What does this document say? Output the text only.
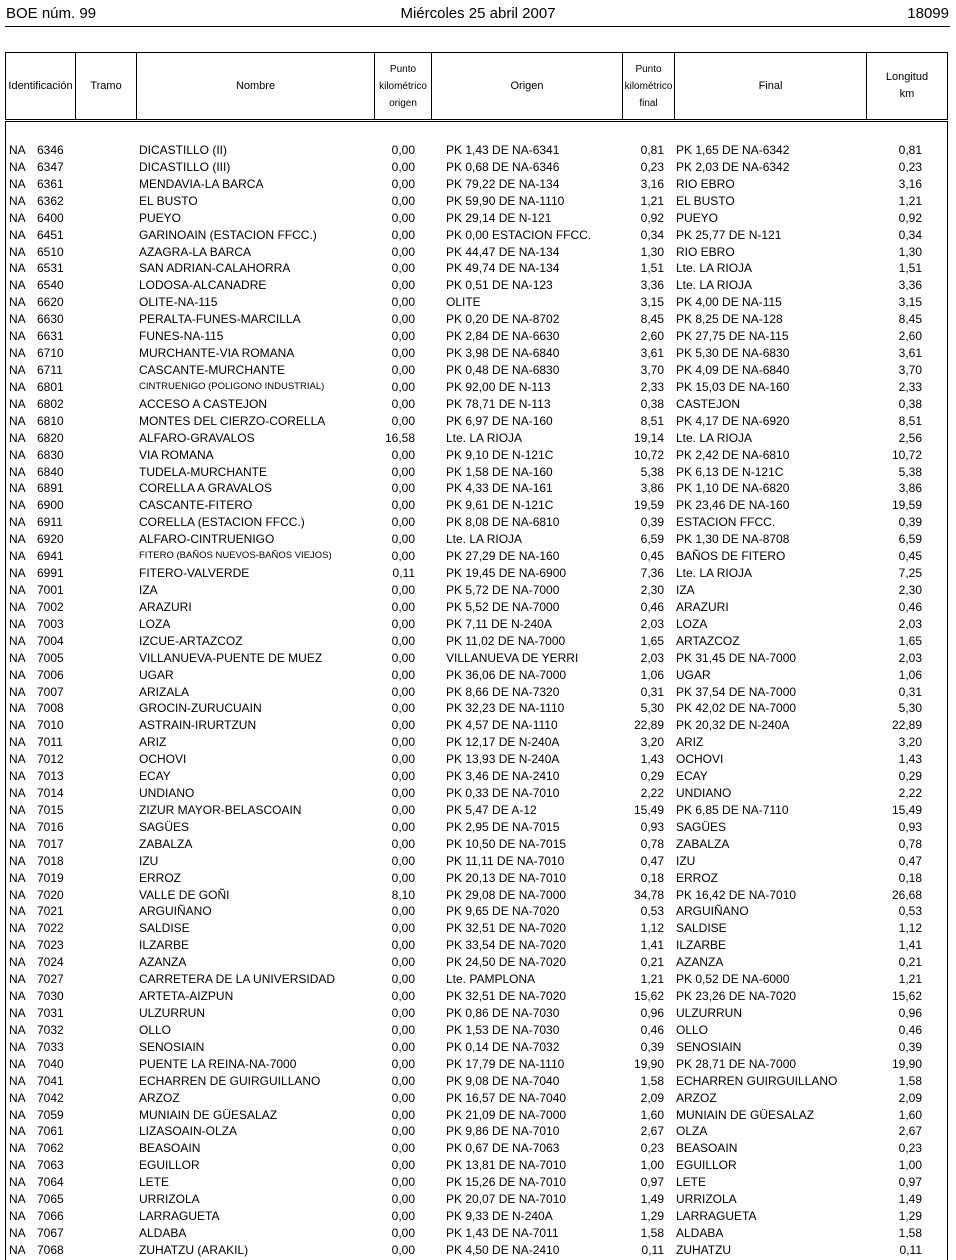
BOE núm. 99	Miércoles 25 abril 2007	18099
Identificación Tramo	Nombre
Punto
kilométrico
origen
Origen
Punto
kilométrico
final
Final
Longitud
km
NA 6346	DICASTILLO (II)	0,00	PK 1,43 DE NA-6341	0,81 PK 1,65 DE NA-6342	0,81
NA 6347	DICASTILLO (III)	0,00	PK 0,68 DE NA-6346	0,23 PK 2,03 DE NA-6342	0,23
NA 6361	MENDAVIA-LA BARCA	0,00	PK 79,22 DE NA-134	3,16 RIO EBRO	3,16
NA 6362	EL BUSTO	0,00	PK 59,90 DE NA-1110	1,21 EL BUSTO	1,21
NA 6400	PUEYO	0,00	PK 29,14 DE N-121	0,92 PUEYO	0,92
NA 6451	GARINOAIN (ESTACION FFCC.)	0,00	PK 0,00 ESTACION FFCC.	0,34 PK 25,77 DE N-121	0,34
NA 6510	AZAGRA-LA BARCA	0,00	PK 44,47 DE NA-134	1,30 RIO EBRO	1,30
NA 6531	SAN ADRIAN-CALAHORRA	0,00	PK 49,74 DE NA-134	1,51 Lte. LA RIOJA	1,51
NA 6540	LODOSA-ALCANADRE	0,00	PK 0,51 DE NA-123	3,36 Lte. LA RIOJA	3,36
NA 6620	OLITE-NA-115	0,00	OLITE	3,15 PK 4,00 DE NA-115	3,15
NA 6630	PERALTA-FUNES-MARCILLA	0,00	PK 0,20 DE NA-8702	8,45 PK 8,25 DE NA-128	8,45
NA 6631	FUNES-NA-115	0,00	PK 2,84 DE NA-6630	2,60 PK 27,75 DE NA-115	2,60
NA 6710	MURCHANTE-VIA ROMANA	0,00	PK 3,98 DE NA-6840	3,61 PK 5,30 DE NA-6830	3,61
NA 6711	CASCANTE-MURCHANTE	0,00	PK 0,48 DE NA-6830	3,70 PK 4,09 DE NA-6840	3,70
NA 6801	CINTRUENIGO (POLIGONO INDUSTRIAL)	0,00	PK 92,00 DE N-113	2,33 PK 15,03 DE NA-160	2,33
NA 6802	ACCESO A CASTEJON	0,00	PK 78,71 DE N-113	0,38 CASTEJON	0,38
NA 6810	MONTES DEL CIERZO-CORELLA	0,00	PK 6,97 DE NA-160	8,51 PK 4,17 DE NA-6920	8,51
NA 6820	ALFARO-GRAVALOS	16,58	Lte. LA RIOJA	19,14 Lte. LA RIOJA	2,56
NA 6830	VIA ROMANA	0,00	PK 9,10 DE N-121C	10,72 PK 2,42 DE NA-6810	10,72
NA 6840	TUDELA-MURCHANTE	0,00	PK 1,58 DE NA-160	5,38 PK 6,13 DE N-121C	5,38
NA 6891	CORELLA A GRAVALOS	0,00	PK 4,33 DE NA-161	3,86 PK 1,10 DE NA-6820	3,86
NA 6900	CASCANTE-FITERO	0,00	PK 9,61 DE N-121C	19,59 PK 23,46 DE NA-160	19,59
NA 6911	CORELLA (ESTACION FFCC.)	0,00	PK 8,08 DE NA-6810	0,39 ESTACION FFCC.	0,39
NA 6920	ALFARO-CINTRUENIGO	0,00	Lte. LA RIOJA	6,59 PK 1,30 DE NA-8708	6,59
NA 6941	FITERO (BAÑOS NUEVOS-BAÑOS VIEJOS)	0,00	PK 27,29 DE NA-160	0,45 BAÑOS DE FITERO	0,45
NA 6991	FITERO-VALVERDE	0,11	PK 19,45 DE NA-6900	7,36 Lte. LA RIOJA	7,25
NA 7001	IZA	0,00	PK 5,72 DE NA-7000	2,30 IZA	2,30
NA 7002	ARAZURI	0,00	PK 5,52 DE NA-7000	0,46 ARAZURI	0,46
NA 7003	LOZA	0,00	PK 7,11 DE N-240A	2,03 LOZA	2,03
NA 7004	IZCUE-ARTAZCOZ	0,00	PK 11,02 DE NA-7000	1,65 ARTAZCOZ	1,65
NA 7005	VILLANUEVA-PUENTE DE MUEZ	0,00	VILLANUEVA DE YERRI	2,03 PK 31,45 DE NA-7000	2,03
NA 7006	UGAR	0,00	PK 36,06 DE NA-7000	1,06 UGAR	1,06
NA 7007	ARIZALA	0,00	PK 8,66 DE NA-7320	0,31 PK 37,54 DE NA-7000	0,31
NA 7008	GROCIN-ZURUCUAIN	0,00	PK 32,23 DE NA-1110	5,30 PK 42,02 DE NA-7000	5,30
NA 7010	ASTRAIN-IRURTZUN	0,00	PK 4,57 DE NA-1110	22,89 PK 20,32 DE N-240A	22,89
NA 7011	ARIZ	0,00	PK 12,17 DE N-240A	3,20 ARIZ	3,20
NA 7012	OCHOVI	0,00	PK 13,93 DE N-240A	1,43 OCHOVI	1,43
NA 7013	ECAY	0,00	PK 3,46 DE NA-2410	0,29 ECAY	0,29
NA 7014	UNDIANO	0,00	PK 0,33 DE NA-7010	2,22 UNDIANO	2,22
NA 7015	ZIZUR MAYOR-BELASCOAIN	0,00	PK 5,47 DE A-12	15,49 PK 6,85 DE NA-7110	15,49
NA 7016	SAGÜES	0,00	PK 2,95 DE NA-7015	0,93 SAGÜES	0,93
NA 7017	ZABALZA	0,00	PK 10,50 DE NA-7015	0,78 ZABALZA	0,78
NA 7018	IZU	0,00	PK 11,11 DE NA-7010	0,47 IZU	0,47
NA 7019	ERROZ	0,00	PK 20,13 DE NA-7010	0,18 ERROZ	0,18
NA 7020	VALLE DE GOÑI	8,10	PK 29,08 DE NA-7000	34,78 PK 16,42 DE NA-7010	26,68
NA 7021	ARGUIÑANO	0,00	PK 9,65 DE NA-7020	0,53 ARGUIÑANO	0,53
NA 7022	SALDISE	0,00	PK 32,51 DE NA-7020	1,12 SALDISE	1,12
NA 7023	ILZARBE	0,00	PK 33,54 DE NA-7020	1,41 ILZARBE	1,41
NA 7024	AZANZA	0,00	PK 24,50 DE NA-7020	0,21 AZANZA	0,21
NA 7027	CARRETERA DE LA UNIVERSIDAD	0,00	Lte. PAMPLONA	1,21 PK 0,52 DE NA-6000	1,21
NA 7030	ARTETA-AIZPUN	0,00	PK 32,51 DE NA-7020	15,62 PK 23,26 DE NA-7020	15,62
NA 7031	ULZURRUN	0,00	PK 0,86 DE NA-7030	0,96 ULZURRUN	0,96
NA 7032	OLLO	0,00	PK 1,53 DE NA-7030	0,46 OLLO	0,46
NA 7033	SENOSIAIN	0,00	PK 0,14 DE NA-7032	0,39 SENOSIAIN	0,39
NA 7040	PUENTE LA REINA-NA-7000	0,00	PK 17,79 DE NA-1110	19,90 PK 28,71 DE NA-7000	19,90
NA 7041	ECHARREN DE GUIRGUILLANO	0,00	PK 9,08 DE NA-7040	1,58 ECHARREN GUIRGUILLANO	1,58
NA 7042	ARZOZ	0,00	PK 16,57 DE NA-7040	2,09 ARZOZ	2,09
NA 7059	MUNIAIN DE GÜESALAZ	0,00	PK 21,09 DE NA-7000	1,60 MUNIAIN DE GÜESALAZ	1,60
NA 7061	LIZASOAIN-OLZA	0,00	PK 9,86 DE NA-7010	2,67 OLZA	2,67
NA 7062	BEASOAIN	0,00	PK 0,67 DE NA-7063	0,23 BEASOAIN	0,23
NA 7063	EGUILLOR	0,00	PK 13,81 DE NA-7010	1,00 EGUILLOR	1,00
NA 7064	LETE	0,00	PK 15,26 DE NA-7010	0,97 LETE	0,97
NA 7065	URRIZOLA	0,00	PK 20,07 DE NA-7010	1,49 URRIZOLA	1,49
NA 7066	LARRAGUETA	0,00	PK 9,33 DE N-240A	1,29 LARRAGUETA	1,29
NA 7067	ALDABA	0,00	PK 1,43 DE NA-7011	1,58 ALDABA	1,58
NA 7068	ZUHATZU (ARAKIL)	0,00	PK 4,50 DE NA-2410	0,11 ZUHATZU	0,11
